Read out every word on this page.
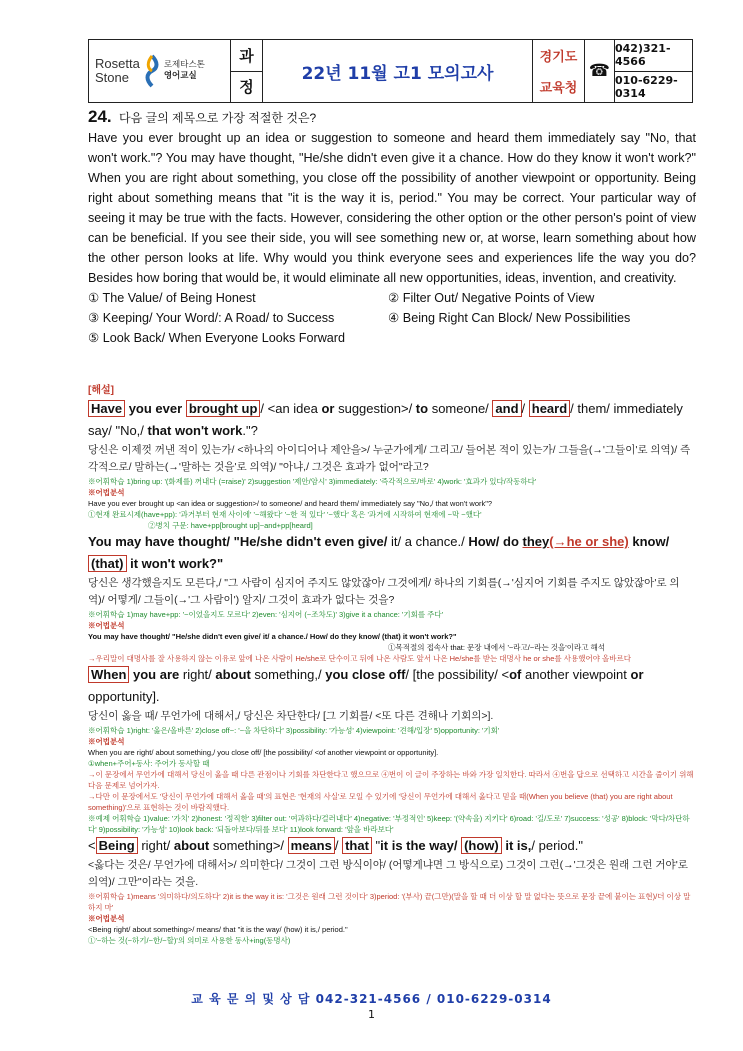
Rosetta
Stone
로제타스톤
영어교실
과
정
22년 11월 고1 모의고사
경기도
교육청
☎
042)321-4566
010-6229-0314
24. 다음 글의 제목으로 가장 적절한 것은?
Have you ever brought up an idea or suggestion to someone and heard them immediately say "No, that won't work."? You may have thought, "He/she didn't even give it a chance. How do they know it won't work?" When you are right about something, you close off the possibility of another viewpoint or opportunity. Being right about something means that "it is the way it is, period." You may be correct. Your particular way of seeing it may be true with the facts. However, considering the other option or the other person's point of view can be beneficial. If you see their side, you will see something new or, at worse, learn something about how the other person looks at life. Why would you think everyone sees and experiences life the way you do? Besides how boring that would be, it would eliminate all new opportunities, ideas, invention, and creativity.
① The Value/ of Being Honest	② Filter Out/ Negative Points of View
③ Keeping/ Your Word/: A Road/ to Success	④ Being Right Can Block/ New Possibilities
⑤ Look Back/ When Everyone Looks Forward
[해설]
Have you ever brought up / <an idea or suggestion>/ to someone/ and / heard / them/ immediately say/ "No,/ that won't work."?
당신은 이제껏 꺼낸 적이 있는가/ <하나의 아이디어나 제안을>/ 누군가에게/ 그리고/ 들어본 적이 있는가/ 그들을(→'그들이'로 의역)/ 즉각적으로/ 말하는(→'말하는 것을'로 의역)/ "아냐,/ 그것은 효과가 없어"라고?
※어휘학습 1)bring up: '(화제를) 꺼내다 (=raise)' 2)suggestion '제안/암시' 3)immediately: '즉각적으로/바로' 4)work: '효과가 있다/작동하다'
※어법분석
Have you ever brought up <an idea or suggestion>/ to someone/ and heard them/ immediately say "No,/ that won't work"?
①현재 완료시제(have+pp): '과거부터 현재 사이에' '~해왔다' '~한 적 있다' '~했다' 혹은 '과거에 시작하여 현재에 ~막 ~했다'
②병치 구문: have+pp[brought up]~and+pp[heard]
You may have thought/ "He/she didn't even give/ it/ a chance./ How/ do they(→he or she) know/ (that) it won't work?"
당신은 생각했을지도 모른다,/ "그 사람이 심지어 주지도 않았잖아/ 그것에게/ 하나의 기회를(→'심지어 기회를 주지도 않았잖아'로 의역)/ 어떻게/ 그들이(→'그 사람이') 알지/ 그것이 효과가 없다는 것을?
※어휘학습 1)may have+pp: '~이었을지도 모르다' 2)even: '심지어 (~조차도)' 3)give it a chance: '기회를 주다'
※어법분석
You may have thought/ "He/she didn't even give/ it/ a chance./ How/ do they know/ (that) it won't work?"
①목적절의 접속사 that: 문장 내에서 '~라고/~라는 것을'이라고 해석
→우리말이 대명사를 잘 사용하지 않는 이유로 앞에 나온 사람이 He/she로 단수이고 뒤에 나온 사람도 앞서 나온 He/she를 받는 대명사 he or she를 사용했어야 올바르다
When you are right/ about something,/ you close off/ [the possibility/ <of another viewpoint or opportunity].
당신이 옳을 때/ 무언가에 대해서,/ 당신은 차단한다/ [그 기회를/ <또 다른 견해나 기회의>].
※어휘학습 1)right: '옳은/올바른' 2)close off~: '~을 차단하다' 3)possibility: '가능성' 4)viewpoint: '견해/입장' 5)opportunity: '기회'
※어법분석
When you are right/ about something,/ you close off/ [the possibility/ <of another viewpoint or opportunity].
①when+주어+동사: 주어가 동사할 때
→이 문장에서 무언가에 대해서 당신이 옳을 때 다른 관점이나 기회를 차단한다고 했으므로 ④번이 이 글이 주장하는 바와 가장 일치한다. 따라서 ④번을 답으로 선택하고 시간을 줄이기 위해 다음 문제로 넘어가자.
→다만 이 문장에서도 '당신이 무언가에 대해서 옳을 때'의 표현은 '현재의 사실'로 모일 수 있기에 '당신이 무언가에 대해서 옳다고 믿을 때(When you believe (that) you are right about something)'으로 표현하는 것이 바람직했다.
※예제 어휘학습 1)value: '가치' 2)honest: '정직한' 3)filter out: '여과하다/걸러내다' 4)negative: '부정적인' 5)keep: '(약속을) 지키다' 6)road: '길/도로' 7)success: '성공' 8)block: '막다/차단하다' 9)possibility: '가능성' 10)look back: '되돌아보다/뒤를 보다' 11)look forward: '앞을 바라보다'
< Being right/ about something>/ means / that "it is the way/ (how) it is,/ period."
<옳다는 것은/ 무언가에 대해서>/ 의미한다/ 그것이 그런 방식이야/ (어떻게냐면 그 방식으로) 그것이 그런(→'그것은 원래 그런 거야'로 의역)/ 그만"이라는 것을.
※어휘학습 1)means '의미하다/의도하다' 2)it is the way it is: '그것은 원래 그런 것이다' 3)period: '(부사) 끝(그만)(말을 할 때 더 이상 할 말 없다는 뜻으로 문장 끝에 붙이는 표현)/더 이상 말하지 마'
※어법분석
<Being right/ about something>/ means/ that "it is the way/ (how) it is,/ period."
①'~하는 것(~하기/~한/~할)'의 의미로 사용한 동사+ing(동명사)
교 육 문 의 및 상 담 042-321-4566 / 010-6229-0314
1
